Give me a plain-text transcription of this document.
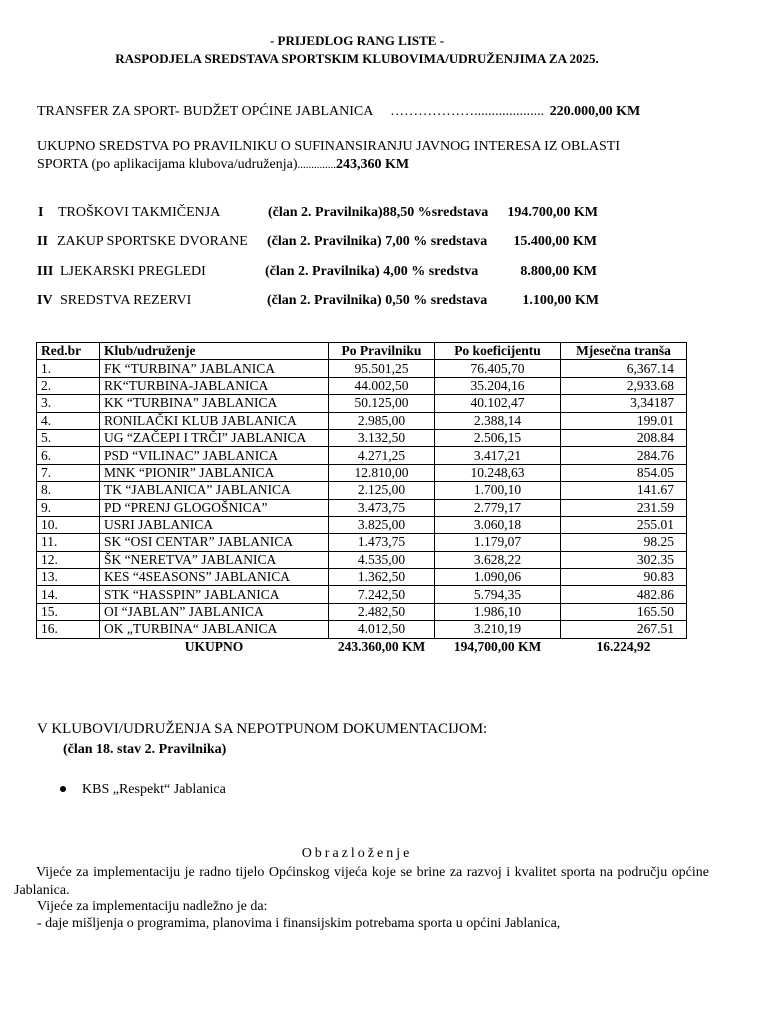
- PRIJEDLOG RANG LISTE -
RASPODJELA SREDSTAVA SPORTSKIM KLUBOVIMA/UDRUŽENJIMA ZA 2025.
TRANSFER ZA SPORT- BUDŽET OPĆINE JABLANICA ……………….................... 220.000,00 KM
UKUPNO SREDSTVA PO PRAVILNIKU O SUFINANSIRANJU JAVNOG INTERESA IZ OBLASTI
SPORTA (po aplikacijama klubova/udruženja)..............243,360 KM
I TROŠKOVI TAKMIČENJA	(član 2. Pravilnika)88,50 %sredstava	194.700,00 KM
II ZAKUP SPORTSKE DVORANE (član 2. Pravilnika) 7,00 % sredstava	15.400,00 KM
III LJEKARSKI PREGLEDI	(član 2. Pravilnika) 4,00 % sredstva	8.800,00 KM
IV SREDSTVA REZERVI	(član 2. Pravilnika) 0,50 % sredstava	1.100,00 KM
Red.br	Klub/udruženje	Po Pravilniku	Po koeficijentu	Mjesečna tranša
1.	FK “TURBINA” JABLANICA	95.501,25	76.405,70	6,367.14
2.	RK“TURBINA-JABLANICA	44.002,50	35.204,16	2,933.68
3.	KK “TURBINA” JABLANICA	50.125,00	40.102,47	3,34187
4.	RONILAČKI KLUB JABLANICA	2.985,00	2.388,14	199.01
5.	UG “ZAČEPI I TRČI” JABLANICA	3.132,50	2.506,15	208.84
6.	PSD “VILINAC” JABLANICA	4.271,25	3.417,21	284.76
7.	MNK “PIONIR” JABLANICA	12.810,00	10.248,63	854.05
8.	TK “JABLANICA” JABLANICA	2.125,00	1.700,10	141.67
9.	PD “PRENJ GLOGOŠNICA”	3.473,75	2.779,17	231.59
10.	USRI JABLANICA	3.825,00	3.060,18	255.01
11.	SK “OSI CENTAR” JABLANICA	1.473,75	1.179,07	98.25
12.	ŠK “NERETVA” JABLANICA	4.535,00	3.628,22	302.35
13.	KES “4SEASONS” JABLANICA	1.362,50	1.090,06	90.83
14.	STK “HASSPIN” JABLANICA	7.242,50	5.794,35	482.86
15.	OI “JABLAN” JABLANICA	2.482,50	1.986,10	165.50
16.	OK „TURBINA“ JABLANICA	4.012,50	3.210,19	267.51
	UKUPNO	243.360,00 KM	194,700,00 KM	16.224,92
V KLUBOVI/UDRUŽENJA SA NEPOTPUNOM DOKUMENTACIJOM:
(član 18. stav 2. Pravilnika)
KBS „Respekt“ Jablanica
Obrazloženje
Vijeće za implementaciju je radno tijelo Općinskog vijeća koje se brine za razvoj i kvalitet sporta na području općine Jablanica.
Vijeće za implementaciju nadležno je da:
- daje mišljenja o programima, planovima i finansijskim potrebama sporta u općini Jablanica,
